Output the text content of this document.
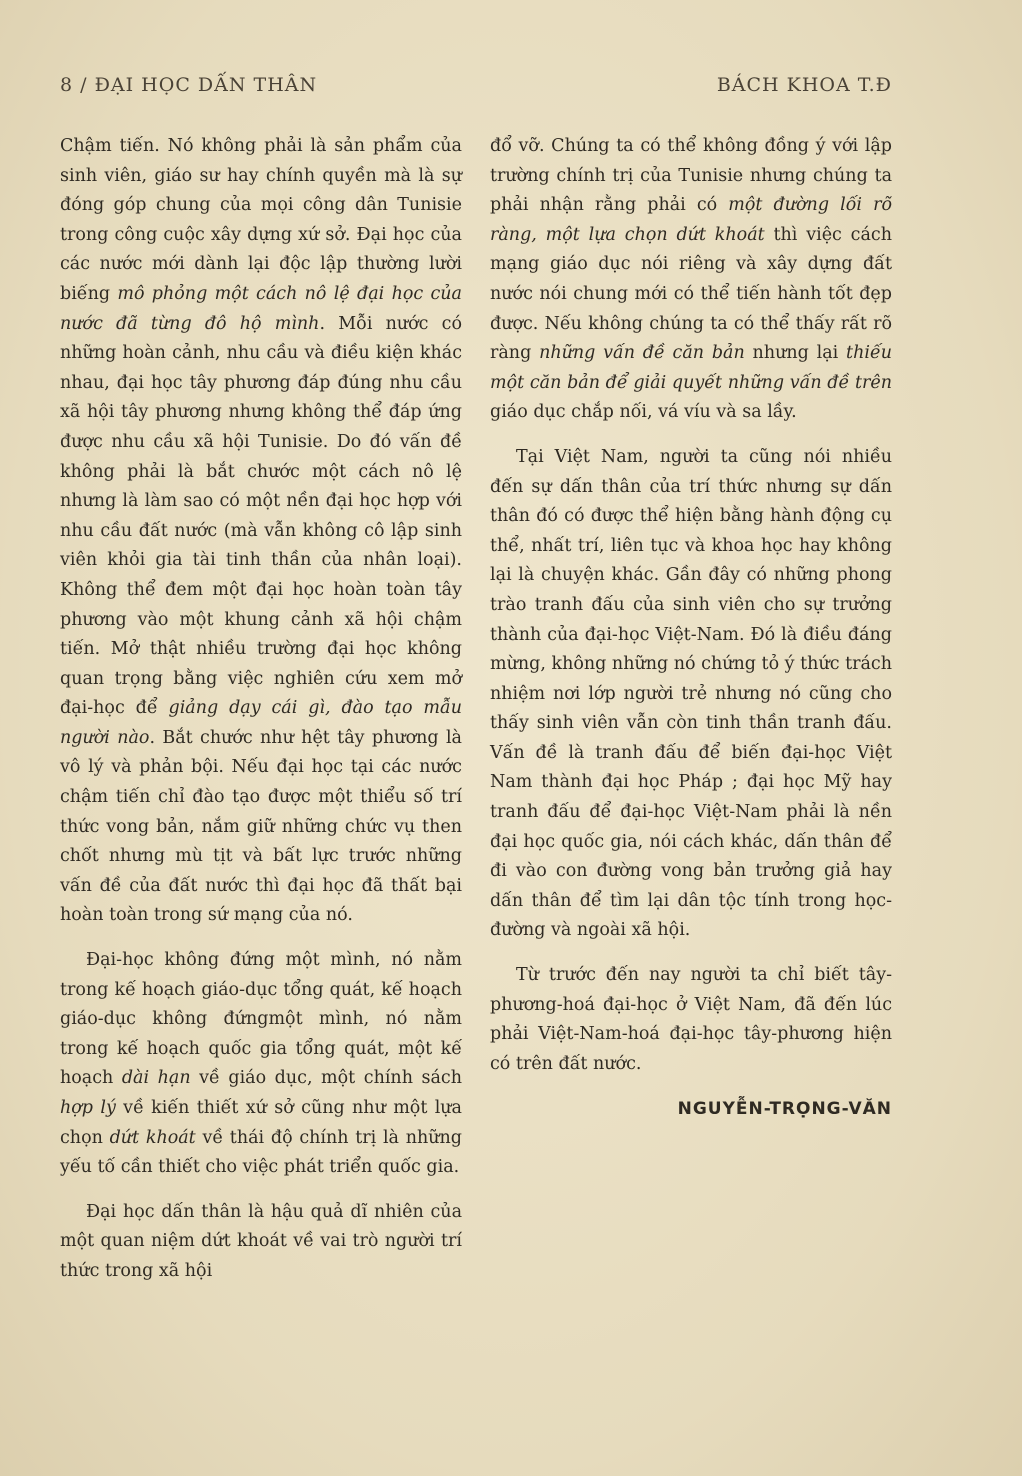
8 / ĐẠI HỌC DẤN THÂN	BÁCH KHOA T.Đ

Chậm tiến. Nó không phải là sản phẩm của sinh viên, giáo sư hay chính quyền mà là sự đóng góp chung của mọi công dân Tunisie trong công cuộc xây dựng xứ sở. Đại học của các nước mới dành lại độc lập thường lười biếng mô phỏng một cách nô lệ đại học của nước đã từng đô hộ mình. Mỗi nước có những hoàn cảnh, nhu cầu và điều kiện khác nhau, đại học tây phương đáp đúng nhu cầu xã hội tây phương nhưng không thể đáp ứng được nhu cầu xã hội Tunisie. Do đó vấn đề không phải là bắt chước một cách nô lệ nhưng là làm sao có một nền đại học hợp với nhu cầu đất nước (mà vẫn không cô lập sinh viên khỏi gia tài tinh thần của nhân loại). Không thể đem một đại học hoàn toàn tây phương vào một khung cảnh xã hội chậm tiến. Mở thật nhiều trường đại học không quan trọng bằng việc nghiên cứu xem mở đại-học để giảng dạy cái gì, đào tạo mẫu người nào. Bắt chước như hệt tây phương là vô lý và phản bội. Nếu đại học tại các nước chậm tiến chỉ đào tạo được một thiểu số trí thức vong bản, nắm giữ những chức vụ then chốt nhưng mù tịt và bất lực trước những vấn đề của đất nước thì đại học đã thất bại hoàn toàn trong sứ mạng của nó.

Đại-học không đứng một mình, nó nằm trong kế hoạch giáo-dục tổng quát, kế hoạch giáo-dục không đứngmột mình, nó nằm trong kế hoạch quốc gia tổng quát, một kế hoạch dài hạn về giáo dục, một chính sách hợp lý về kiến thiết xứ sở cũng như một lựa chọn dứt khoát về thái độ chính trị là những yếu tố cần thiết cho việc phát triển quốc gia.

Đại học dấn thân là hậu quả dĩ nhiên của một quan niệm dứt khoát về vai trò người trí thức trong xã hội

đổ vỡ. Chúng ta có thể không đồng ý với lập trường chính trị của Tunisie nhưng chúng ta phải nhận rằng phải có một đường lối rõ ràng, một lựa chọn dứt khoát thì việc cách mạng giáo dục nói riêng và xây dựng đất nước nói chung mới có thể tiến hành tốt đẹp được. Nếu không chúng ta có thể thấy rất rõ ràng những vấn đề căn bản nhưng lại thiếu một căn bản để giải quyết những vấn đề trên giáo dục chắp nối, vá víu và sa lầy.

Tại Việt Nam, người ta cũng nói nhiều đến sự dấn thân của trí thức nhưng sự dấn thân đó có được thể hiện bằng hành động cụ thể, nhất trí, liên tục và khoa học hay không lại là chuyện khác. Gần đây có những phong trào tranh đấu của sinh viên cho sự trưởng thành của đại-học Việt-Nam. Đó là điều đáng mừng, không những nó chứng tỏ ý thức trách nhiệm nơi lớp người trẻ nhưng nó cũng cho thấy sinh viên vẫn còn tinh thần tranh đấu. Vấn đề là tranh đấu để biến đại-học Việt Nam thành đại học Pháp ; đại học Mỹ hay tranh đấu để đại-học Việt-Nam phải là nền đại học quốc gia, nói cách khác, dấn thân để đi vào con đường vong bản trưởng giả hay dấn thân để tìm lại dân tộc tính trong học-đường và ngoài xã hội.

Từ trước đến nay người ta chỉ biết tây-phương-hoá đại-học ở Việt Nam, đã đến lúc phải Việt-Nam-hoá đại-học tây-phương hiện có trên đất nước.

NGUYỄN-TRỌNG-VĂN
